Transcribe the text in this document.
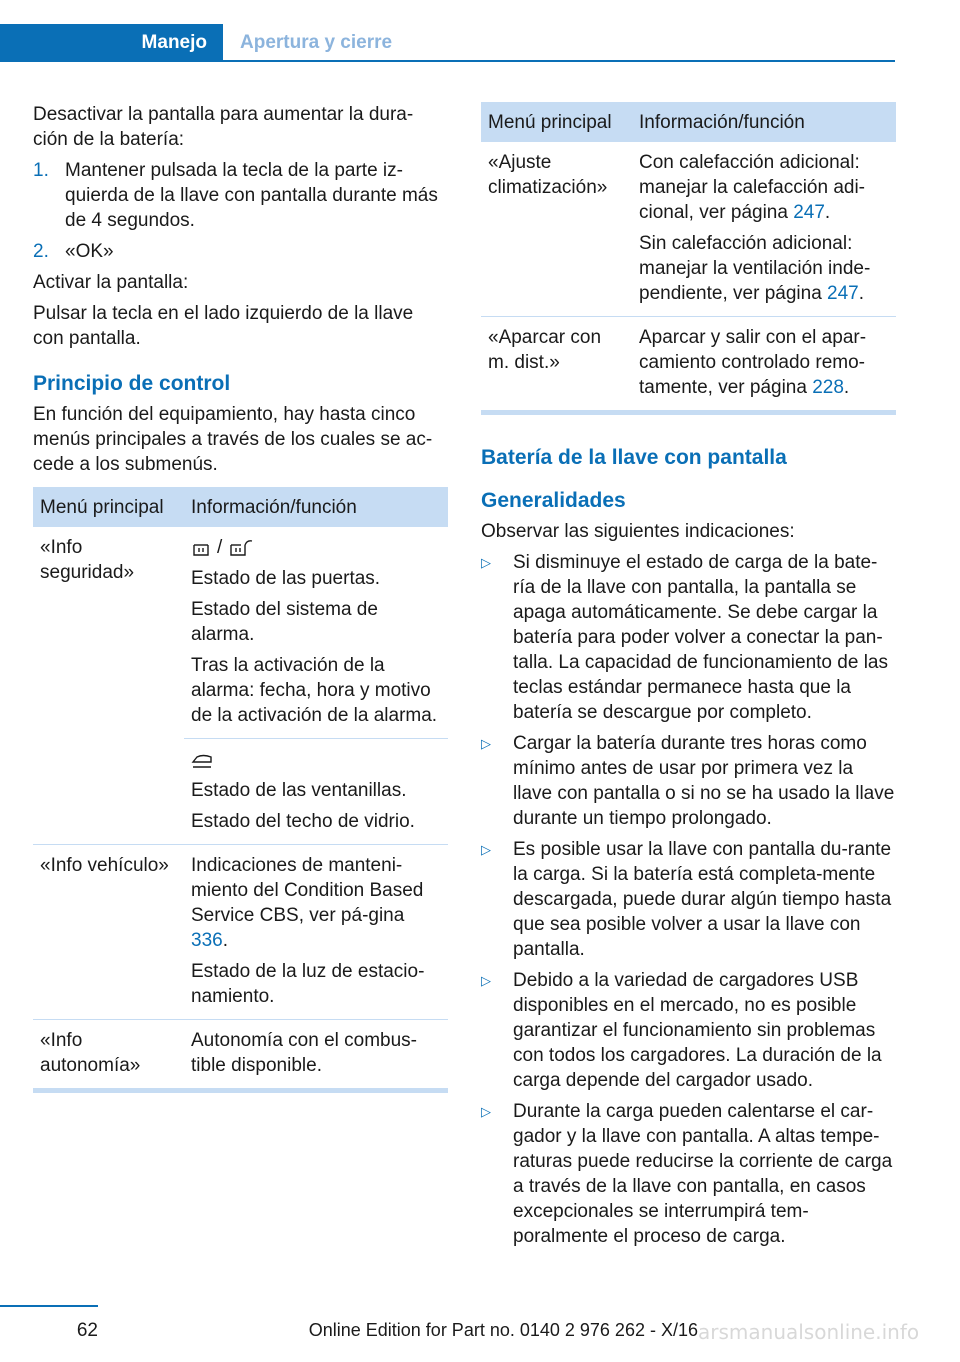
Manejo Apertura y cierre

Desactivar la pantalla para aumentar la dura‐ción de la batería:

1. Mantener pulsada la tecla de la parte iz‐quierda de la llave con pantalla durante más de 4 segundos.
2. «OK»

Activar la pantalla:

Pulsar la tecla en el lado izquierdo de la llave con pantalla.

Principio de control

En función del equipamiento, hay hasta cinco menús principales a través de los cuales se ac‐cede a los submenús.

Menú principal	Información/función
«Info seguridad»	/

Estado de las puertas.

Estado del sistema de alarma.

Tras la activación de la alarma: fecha, hora y motivo de la activación de la alarma.

	Estado de las ventanillas.

Estado del techo de vidrio.

«Info vehículo»	Indicaciones de manteni‐miento del Condition Based Service CBS, ver pá‐gina 336.

Estado de la luz de estacio‐namiento.

«Info autonomía»	Autonomía con el combus‐tible disponible.
Menú principal	Información/función
«Ajuste climatización»	Con calefacción adicional: manejar la calefacción adi‐cional, ver página 247.

Sin calefacción adicional: manejar la ventilación inde‐pendiente, ver página 247.

«Aparcar con m. dist.»	Aparcar y salir con el apar‐camiento controlado remo‐tamente, ver página 228.

Batería de la llave con pantalla
Generalidades

Observar las siguientes indicaciones:

▷	Si disminuye el estado de carga de la bate‐ría de la llave con pantalla, la pantalla se apaga automáticamente. Se debe cargar la batería para poder volver a conectar la pan‐talla. La capacidad de funcionamiento de las teclas estándar permanece hasta que la batería se descargue por completo.
▷	Cargar la batería durante tres horas como mínimo antes de usar por primera vez la llave con pantalla o si no se ha usado la llave durante un tiempo prolongado.
▷	Es posible usar la llave con pantalla du‐rante la carga. Si la batería está completa‐mente descargada, puede durar algún tiempo hasta que sea posible volver a usar la llave con pantalla.
▷	Debido a la variedad de cargadores USB disponibles en el mercado, no es posible garantizar el funcionamiento sin problemas con todos los cargadores. La duración de la carga depende del cargador usado.
▷	Durante la carga pueden calentarse el car‐gador y la llave con pantalla. A altas tempe‐raturas puede reducirse la corriente de carga a través de la llave con pantalla, en casos excepcionales se interrumpirá tem‐poralmente el proceso de carga.
62	Online Edition for Part no. 0140 2 976 262 - X/16 arsmanualsonline.info
